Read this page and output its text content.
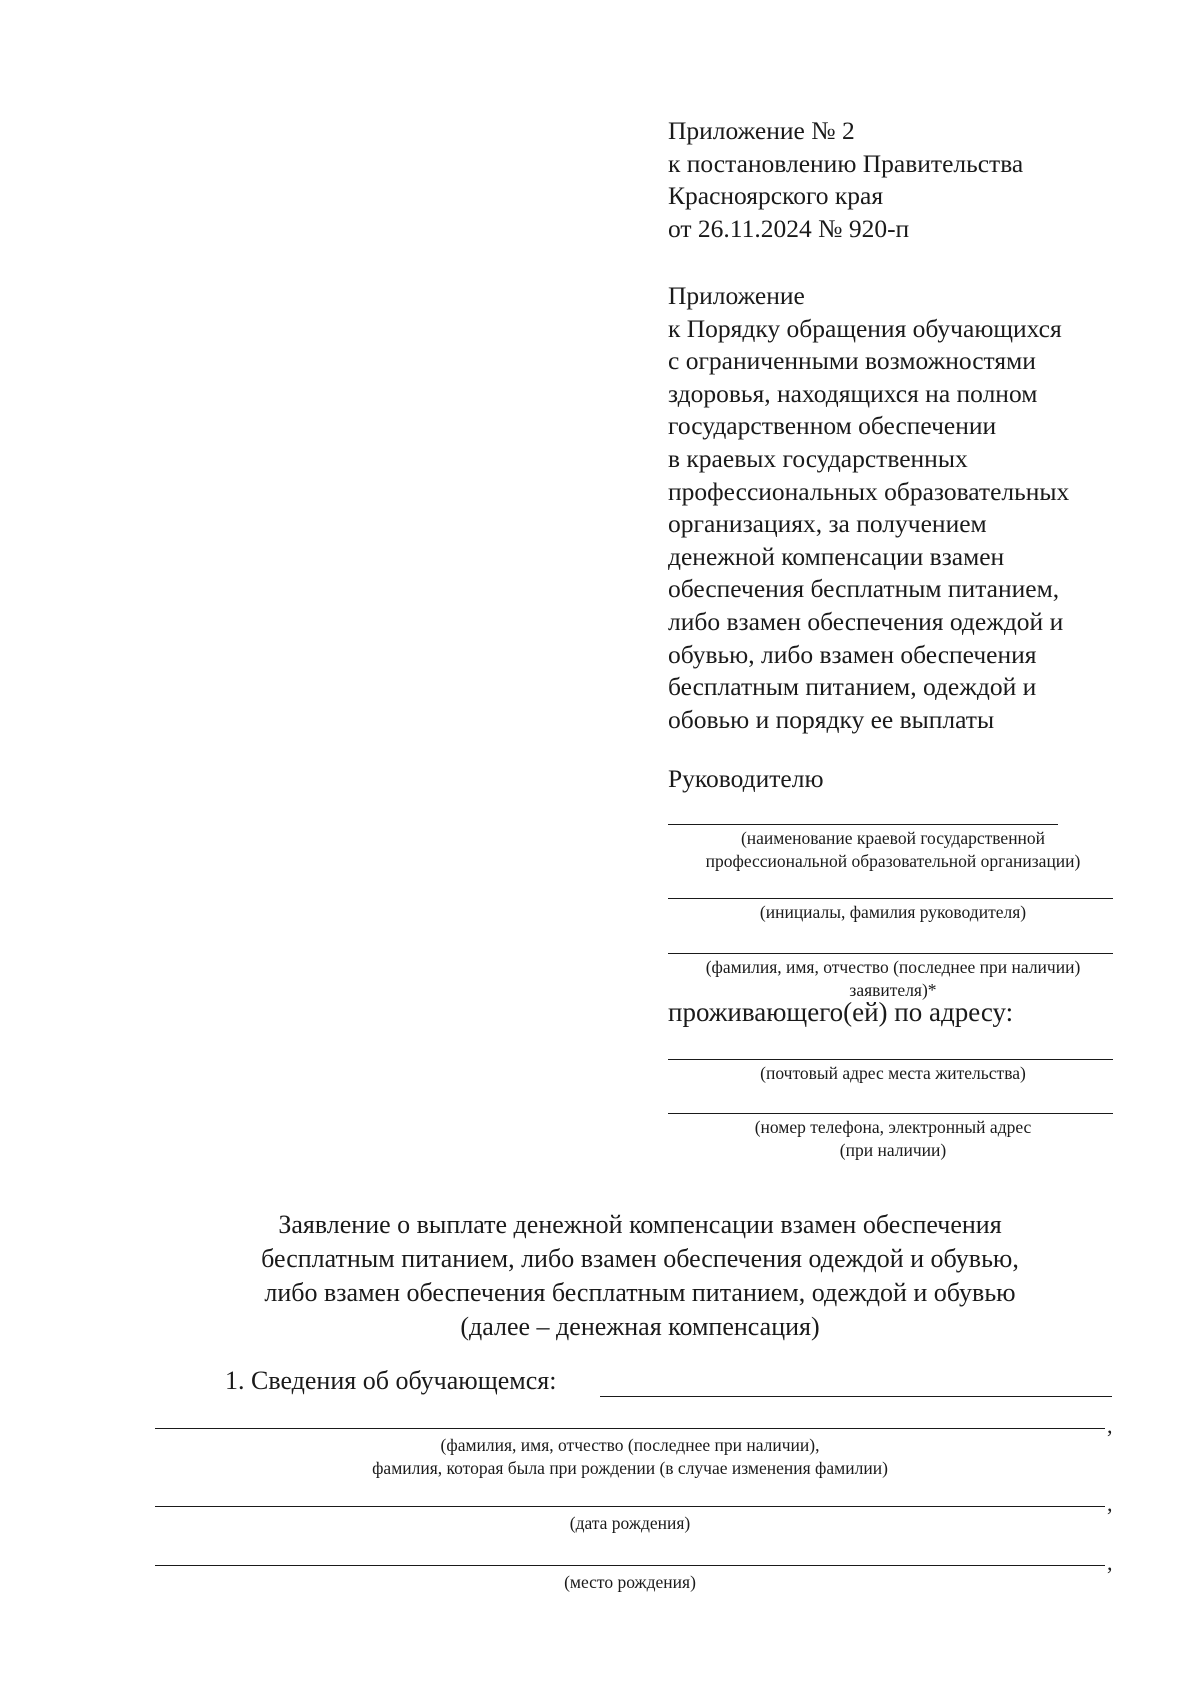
Приложение № 2
к постановлению Правительства
Красноярского края
от 26.11.2024 № 920-п

Приложение
к Порядку обращения обучающихся
с ограниченными возможностями
здоровья, находящихся на полном
государственном обеспечении
в краевых государственных
профессиональных образовательных
организациях, за получением
денежной компенсации взамен
обеспечения бесплатным питанием,
либо взамен обеспечения одеждой и
обувью, либо взамен обеспечения
бесплатным питанием, одеждой и
обовью и порядку ее выплаты

Руководителю

(наименование краевой государственной
профессиональной образовательной организации)
(инициалы, фамилия руководителя)
(фамилия, имя, отчество (последнее при наличии)
заявителя)*
проживающего(ей) по адресу:
(почтовый адрес места жительства)
(номер телефона, электронный адрес
(при наличии)
Заявление о выплате денежной компенсации взамен обеспечения
бесплатным питанием, либо взамен обеспечения одеждой и обувью,
либо взамен обеспечения бесплатным питанием, одеждой и обувью
(далее – денежная компенсация)
1. Сведения об обучающемся:
,
(фамилия, имя, отчество (последнее при наличии),
фамилия, которая была при рождении (в случае изменения фамилии)
,
(дата рождения)
,
(место рождения)
